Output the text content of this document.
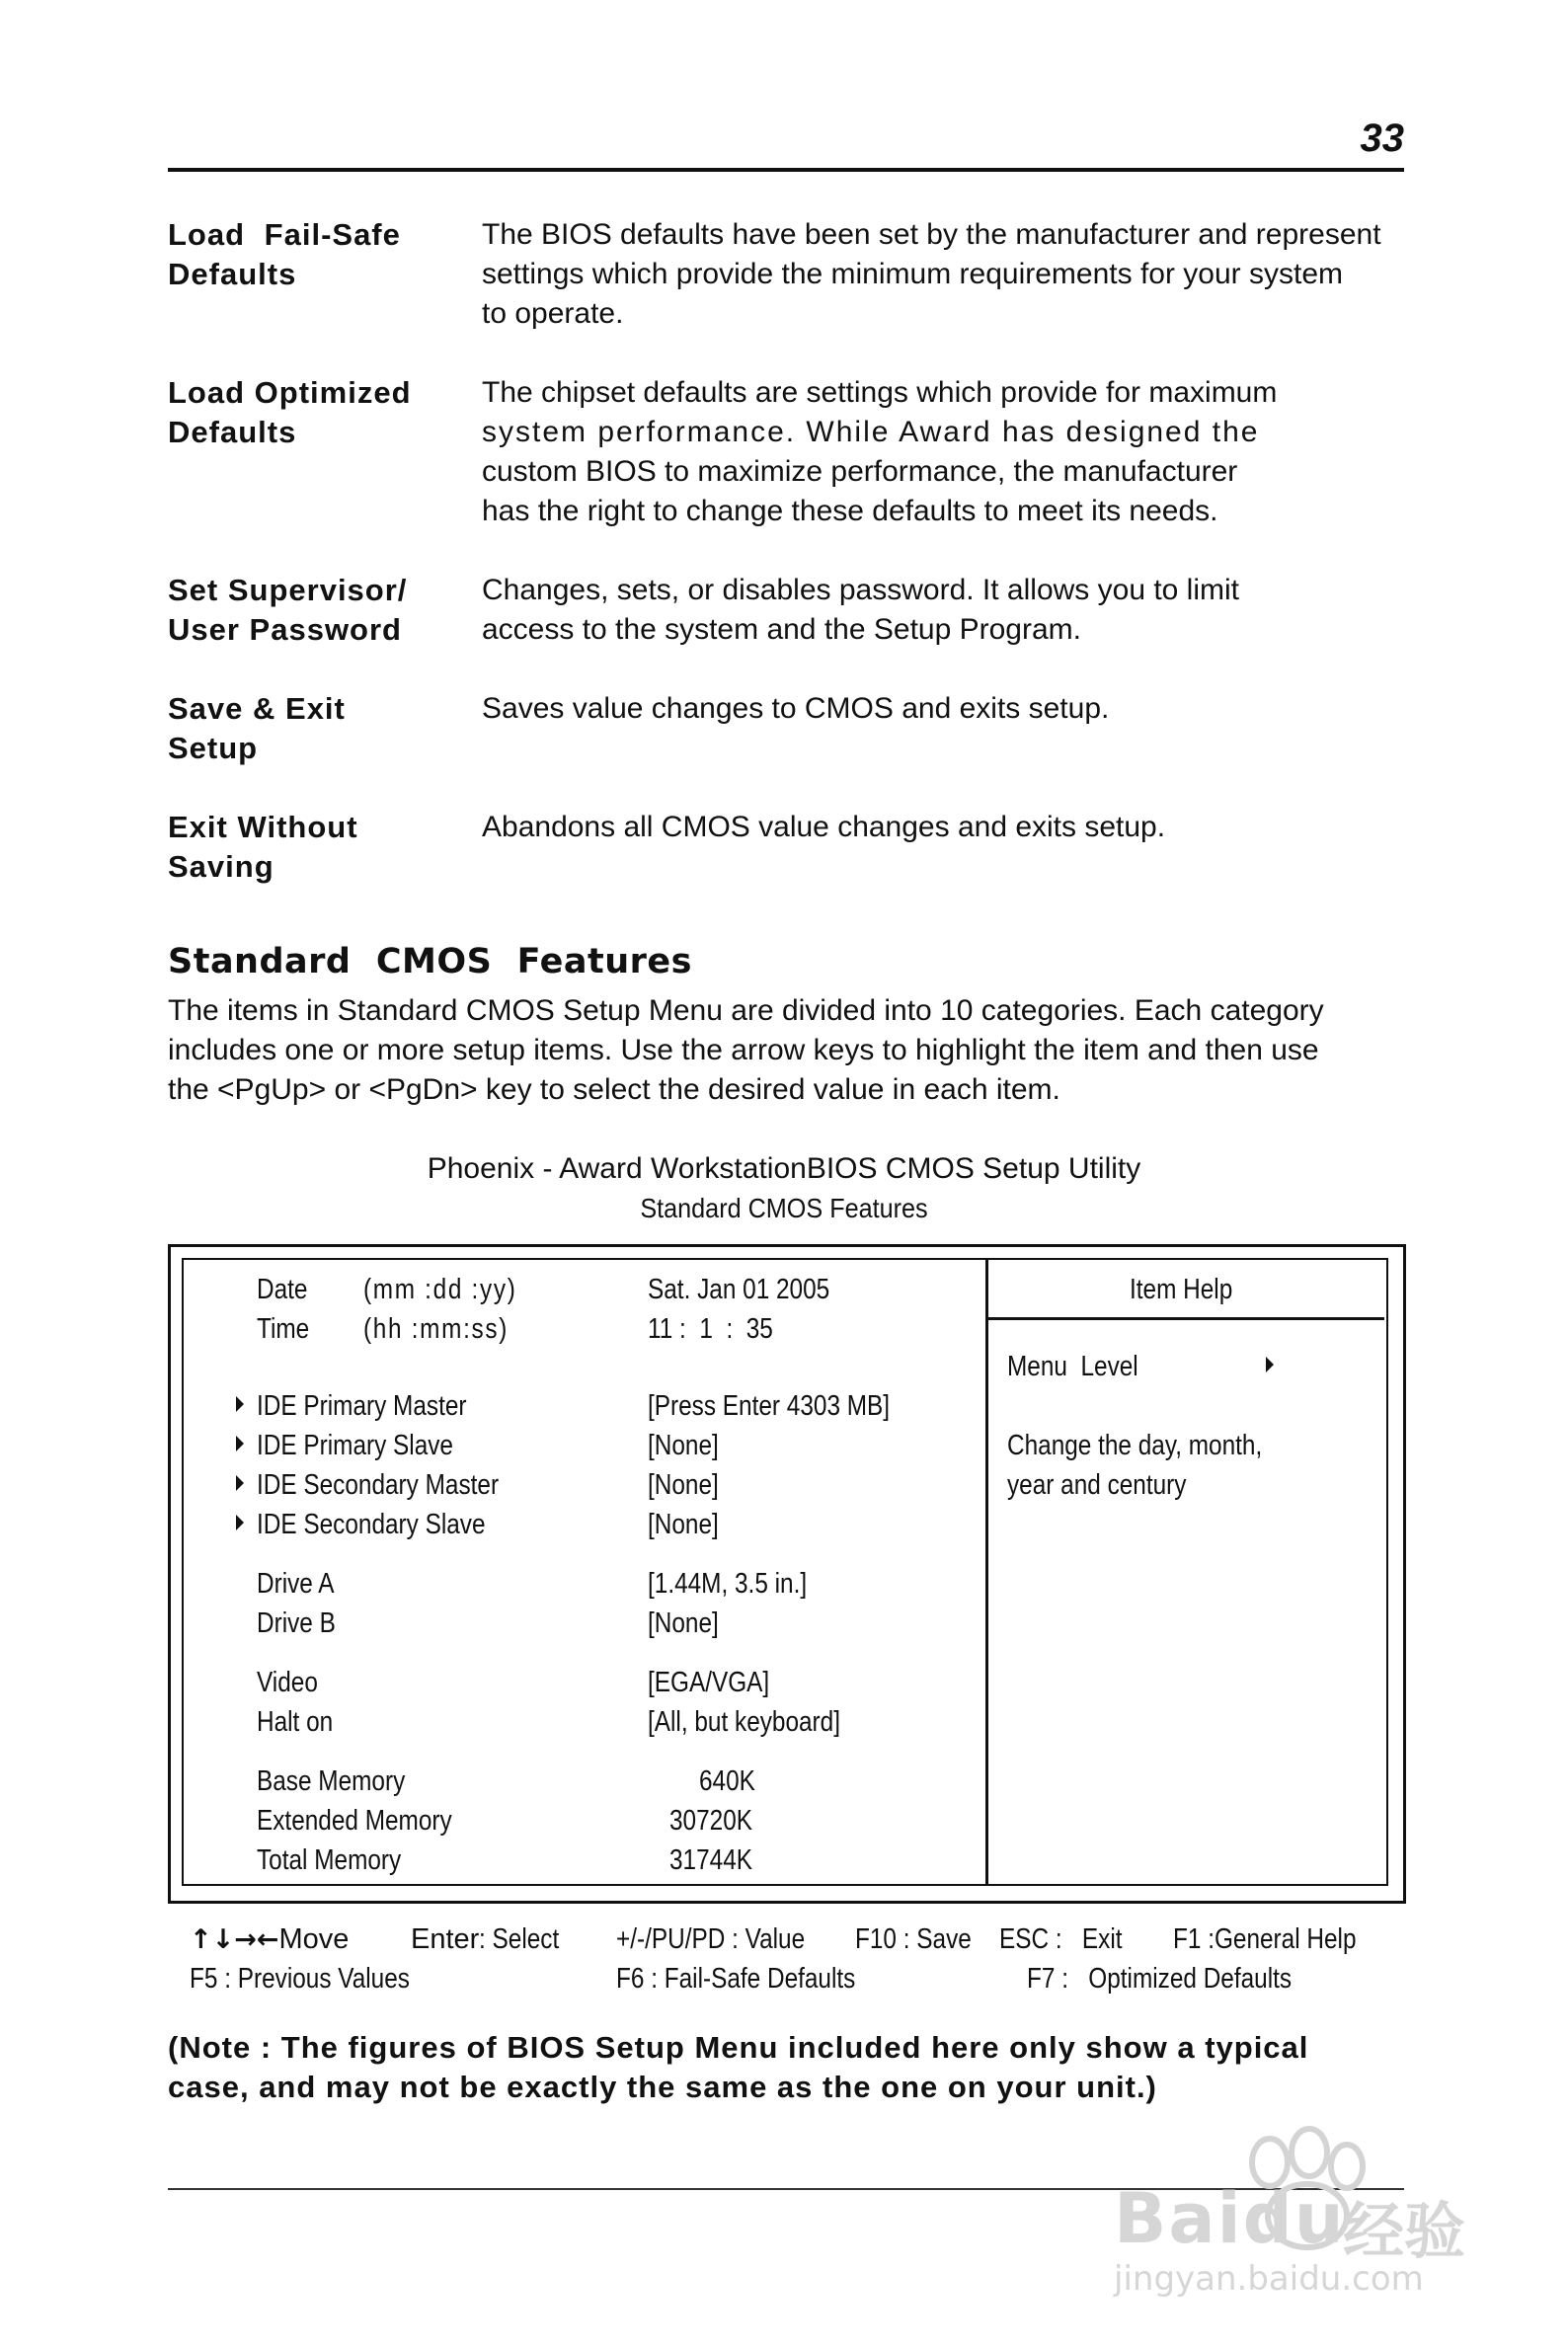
33
Load Fail-Safe
Defaults
The BIOS defaults have been set by the manufacturer and represent
settings which provide the minimum requirements for your system
to operate.
Load Optimized
Defaults
The chipset defaults are settings which provide for maximum
system performance. While Award has designed the
custom BIOS to maximize performance, the manufacturer
has the right to change these defaults to meet its needs.
Set Supervisor/
User Password
Changes, sets, or disables password. It allows you to limit
access to the system and the Setup Program.
Save & Exit
Setup
Saves value changes to CMOS and exits setup.
Exit Without
Saving
Abandons all CMOS value changes and exits setup.
Standard  CMOS  Features
The items in Standard CMOS Setup Menu are divided into 10 categories. Each category
includes one or more setup items. Use the arrow keys to highlight the item and then use
the <PgUp> or <PgDn> key to select the desired value in each item.
Phoenix - Award WorkstationBIOS CMOS Setup Utility
Standard CMOS Features
Date (mm :dd :yy)	Sat. Jan 01 2005
Time (hh :mm:ss)	11 :  1  :  35
IDE Primary Master	[Press Enter 4303 MB]
IDE Primary Slave	[None]
IDE Secondary Master	[None]
IDE Secondary Slave	[None]
Drive A	[1.44M, 3.5 in.]
Drive B	[None]
Video	[EGA/VGA]
Halt on	[All, but keyboard]
Base Memory	640K
Extended Memory	30720K
Total Memory	31744K
Item Help
Menu  Level
Change the day, month,
year and century
↑↓→←Move Enter: Select	+/-/PU/PD : Value F10 : Save ESC :   Exit F1 :General Help
F5 : Previous Values	F6 : Fail-Safe Defaults	F7 :   Optimized Defaults
(Note : The figures of BIOS Setup Menu included here only show a typical
case, and may not be exactly the same as the one on your unit.)
Baidu
经验
jingyan.baidu.com
